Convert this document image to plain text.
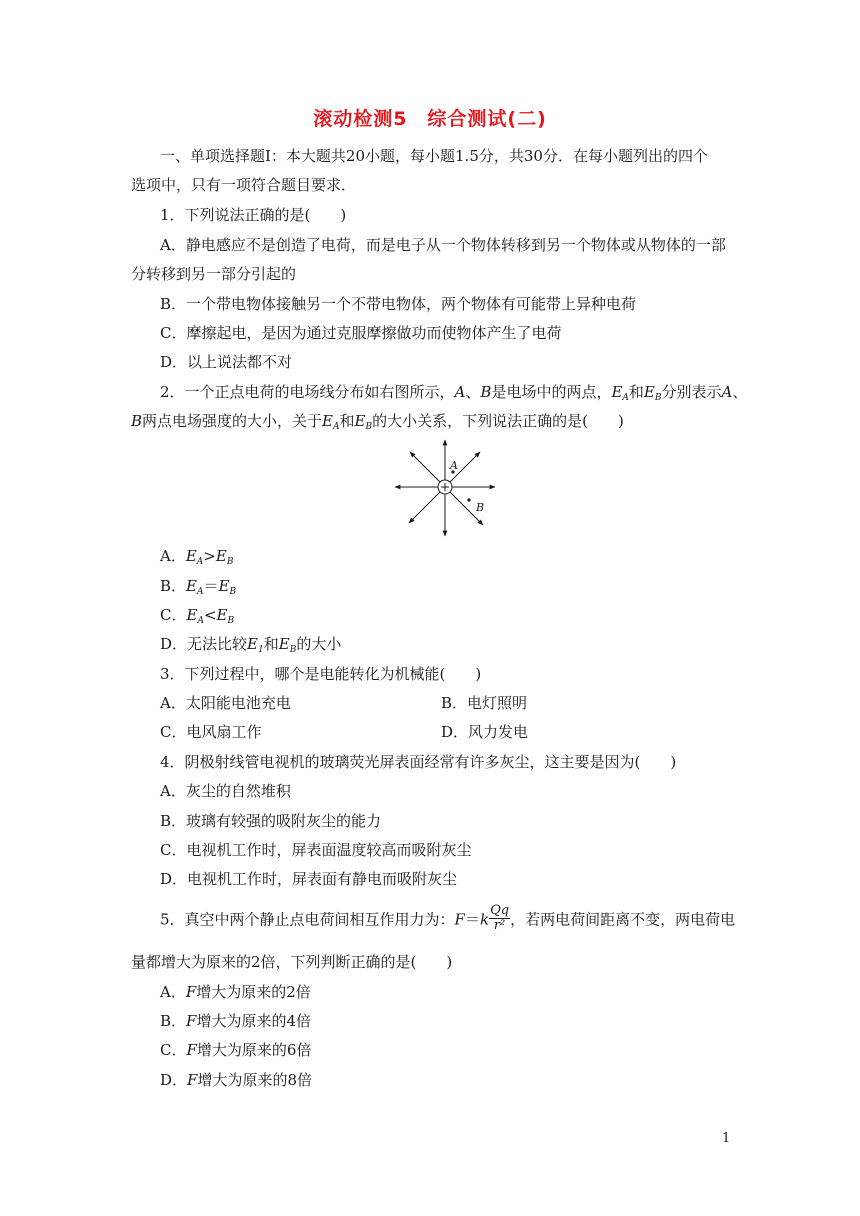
滚动检测5　综合测试(二)
一、单项选择题Ⅰ：本大题共20小题，每小题1.5分，共30分．在每小题列出的四个
选项中，只有一项符合题目要求．
1．下列说法正确的是(　　)
A．静电感应不是创造了电荷，而是电子从一个物体转移到另一个物体或从物体的一部
分转移到另一部分引起的
B．一个带电物体接触另一个不带电物体，两个物体有可能带上异种电荷
C．摩擦起电，是因为通过克服摩擦做功而使物体产生了电荷
D．以上说法都不对
2．一个正点电荷的电场线分布如右图所示，A、B是电场中的两点，$E_A$和$E_B$分别表示A、
B两点电场强度的大小，关于$E_A$和$E_B$的大小关系，下列说法正确的是(　　)
A
B
A．$E_A>E_B$
B．$E_A=E_B$
C．$E_A<E_B$
D．无法比较$E_1$和$E_B$的大小
3．下列过程中，哪个是电能转化为机械能(　　)
A．太阳能电池充电	B．电灯照明
C．电风扇工作	D．风力发电
4．阴极射线管电视机的玻璃荧光屏表面经常有许多灰尘，这主要是因为(　　)
A．灰尘的自然堆积
B．玻璃有较强的吸附灰尘的能力
C．电视机工作时，屏表面温度较高而吸附灰尘
D．电视机工作时，屏表面有静电而吸附灰尘
5．真空中两个静止点电荷间相互作用力为：$F=k \frac{Qq}{\text{r²}}$ ，若两电荷间距离不变，两电荷电
量都增大为原来的2倍，下列判断正确的是(　　)
A．F增大为原来的2倍
B．F增大为原来的4倍
C．F增大为原来的6倍
D．F增大为原来的8倍
1
